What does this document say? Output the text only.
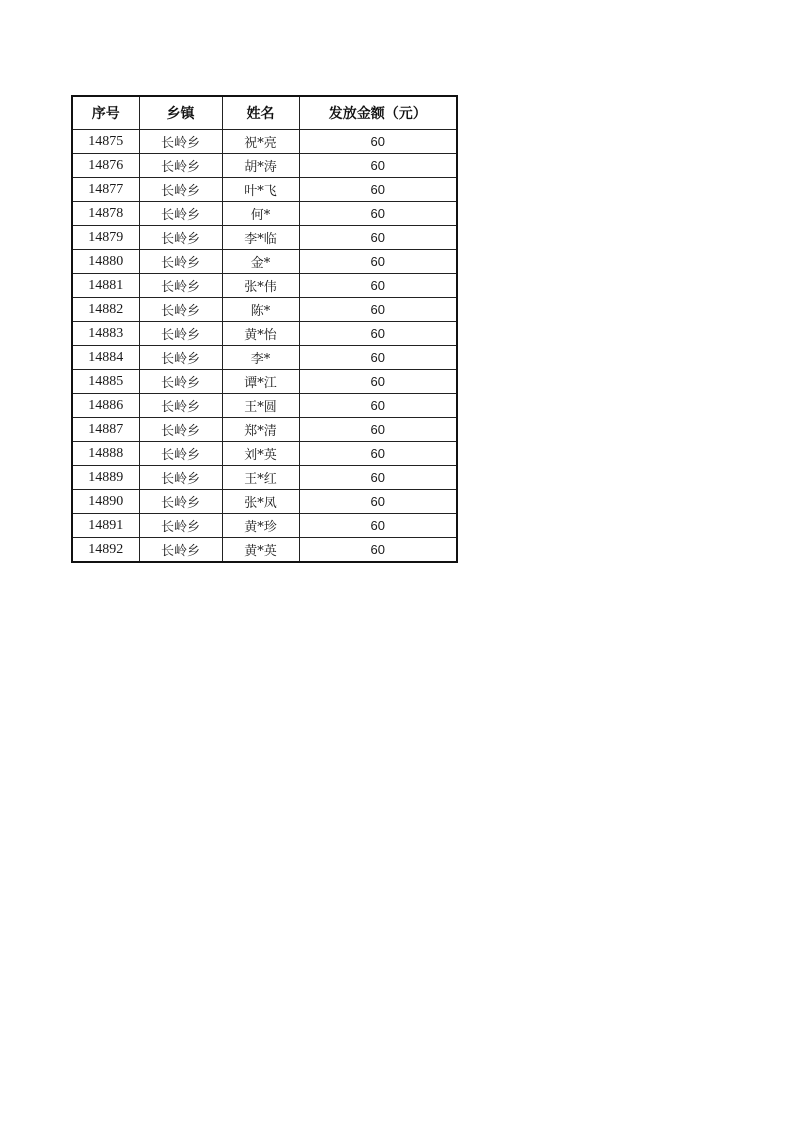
序号	乡镇	姓名	发放金额（元）
14875	长岭乡	祝*亮	60
14876	长岭乡	胡*涛	60
14877	长岭乡	叶*飞	60
14878	长岭乡	何*	60
14879	长岭乡	李*临	60
14880	长岭乡	金*	60
14881	长岭乡	张*伟	60
14882	长岭乡	陈*	60
14883	长岭乡	黄*怡	60
14884	长岭乡	李*	60
14885	长岭乡	谭*江	60
14886	长岭乡	王*圆	60
14887	长岭乡	郑*清	60
14888	长岭乡	刘*英	60
14889	长岭乡	王*红	60
14890	长岭乡	张*凤	60
14891	长岭乡	黄*珍	60
14892	长岭乡	黄*英	60
